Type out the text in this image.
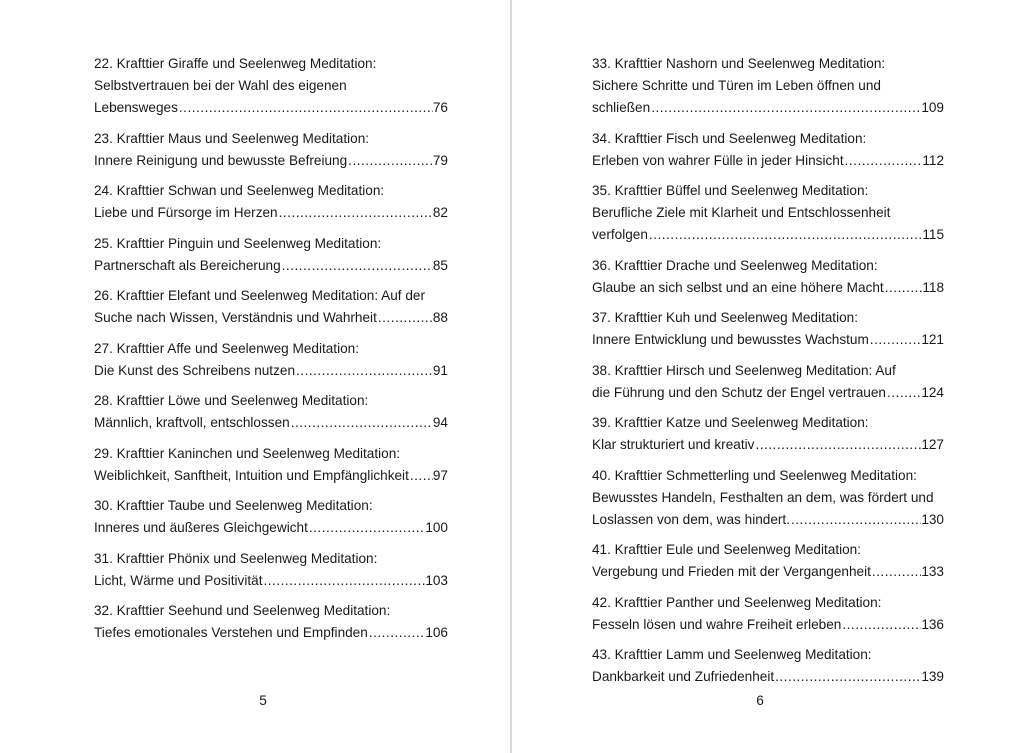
22. Krafttier Giraffe und Seelenweg Meditation:
Selbstvertrauen bei der Wahl des eigenen
Lebensweges .....	76
23. Krafttier Maus und Seelenweg Meditation:
Innere Reinigung und bewusste Befreiung .....	79
24. Krafttier Schwan und Seelenweg Meditation:
Liebe und Fürsorge im Herzen .....	82
25. Krafttier Pinguin und Seelenweg Meditation:
Partnerschaft als Bereicherung .....	85
26. Krafttier Elefant und Seelenweg Meditation: Auf der
Suche nach Wissen, Verständnis und Wahrheit .....	88
27. Krafttier Affe und Seelenweg Meditation:
Die Kunst des Schreibens nutzen .....	91
28. Krafttier Löwe und Seelenweg Meditation:
Männlich, kraftvoll, entschlossen .....	94
29. Krafttier Kaninchen und Seelenweg Meditation:
Weiblichkeit, Sanftheit, Intuition und Empfänglichkeit ..... 97
30. Krafttier Taube und Seelenweg Meditation:
Inneres und äußeres Gleichgewicht .....	100
31. Krafttier Phönix und Seelenweg Meditation:
Licht, Wärme und Positivität .....	103
32. Krafttier Seehund und Seelenweg Meditation:
Tiefes emotionales Verstehen und Empfinden .....	106
5
33. Krafttier Nashorn und Seelenweg Meditation:
Sichere Schritte und Türen im Leben öffnen und
schließen .....	109
34. Krafttier Fisch und Seelenweg Meditation:
Erleben von wahrer Fülle in jeder Hinsicht .....	112
35. Krafttier Büffel und Seelenweg Meditation:
Berufliche Ziele mit Klarheit und Entschlossenheit
verfolgen .....	115
36. Krafttier Drache und Seelenweg Meditation:
Glaube an sich selbst und an eine höhere Macht .....	118
37. Krafttier Kuh und Seelenweg Meditation:
Innere Entwicklung und bewusstes Wachstum .....	121
38. Krafttier Hirsch und Seelenweg Meditation: Auf
die Führung und den Schutz der Engel vertrauen .....	124
39. Krafttier Katze und Seelenweg Meditation:
Klar strukturiert und kreativ .....	127
40. Krafttier Schmetterling und Seelenweg Meditation:
Bewusstes Handeln, Festhalten an dem, was fördert und
Loslassen von dem, was hindert. .....	130
41. Krafttier Eule und Seelenweg Meditation:
Vergebung und Frieden mit der Vergangenheit .....	133
42. Krafttier Panther und Seelenweg Meditation:
Fesseln lösen und wahre Freiheit erleben .....	136
43. Krafttier Lamm und Seelenweg Meditation:
Dankbarkeit und Zufriedenheit .....	139
6
